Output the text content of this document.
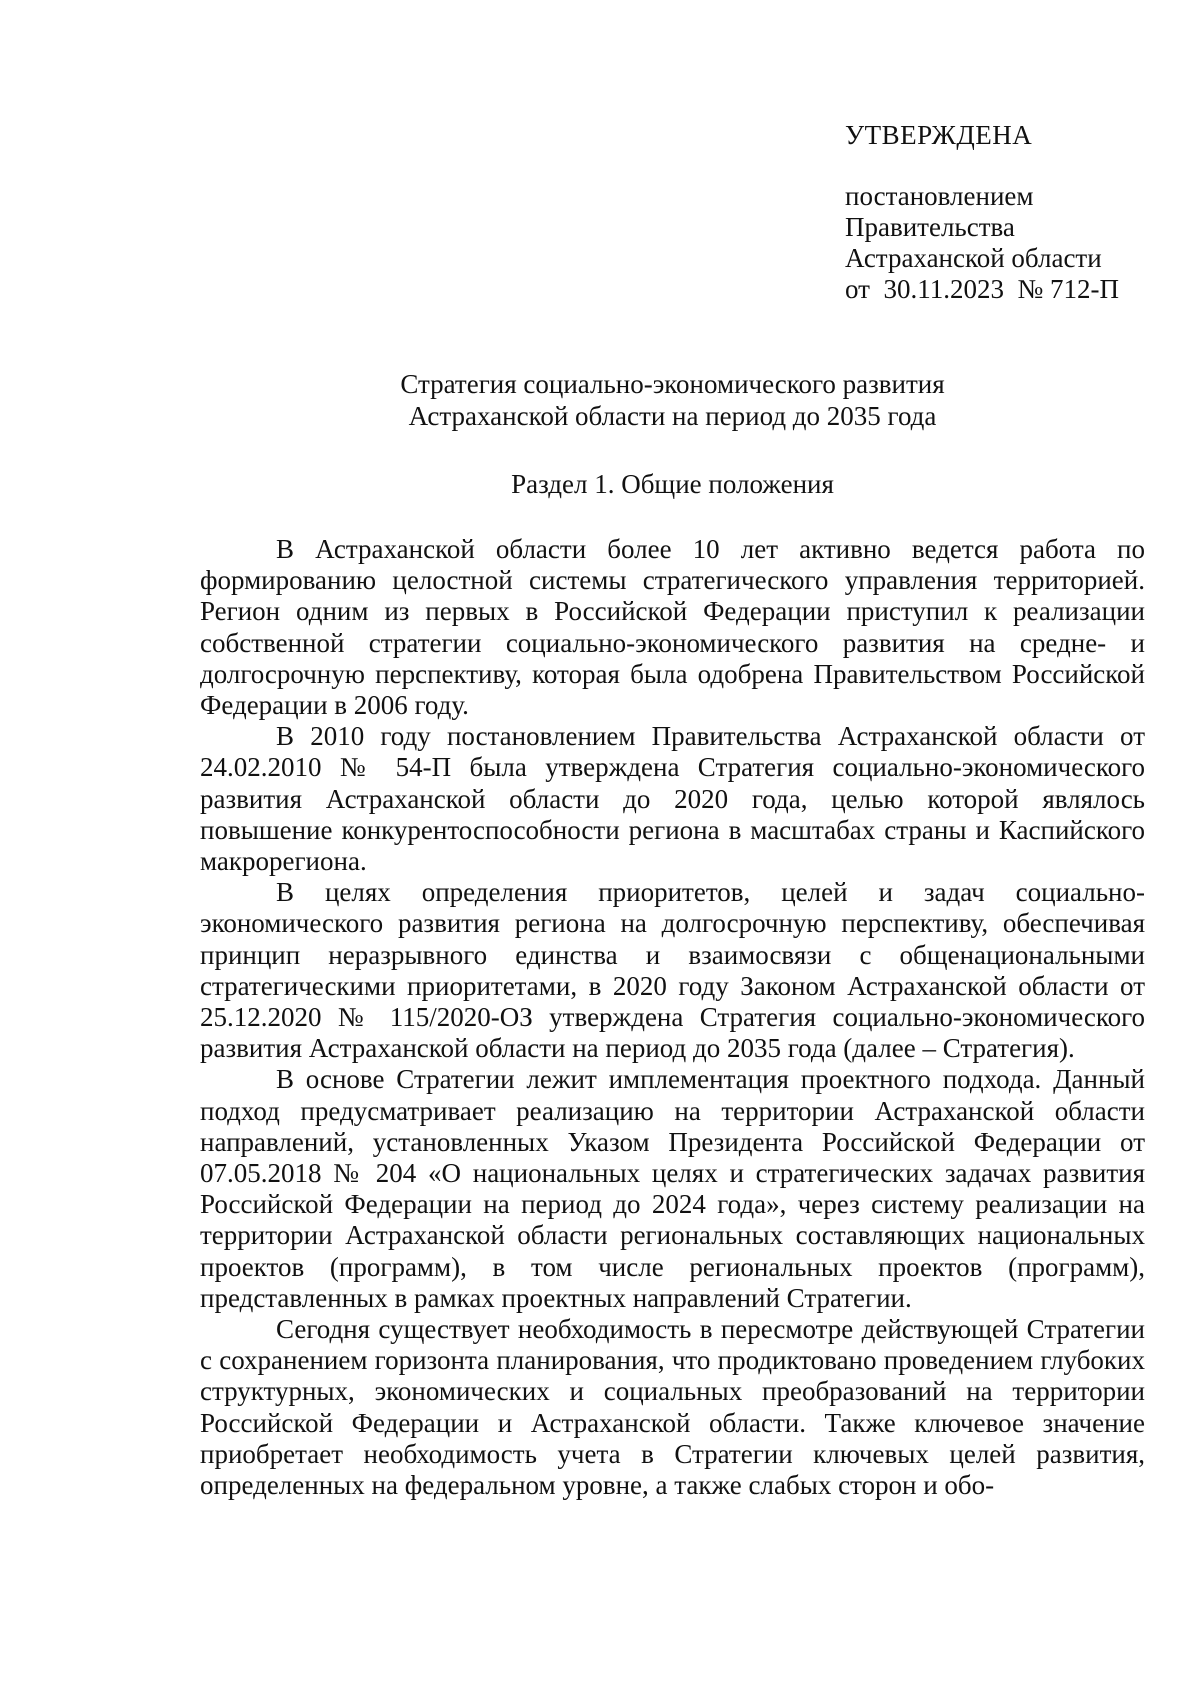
УТВЕРЖДЕНА
постановлением
Правительства
Астраханской области
от  30.11.2023  № 712-П
Стратегия социально-экономического развития
Астраханской области на период до 2035 года
Раздел 1. Общие положения

В Астраханской области более 10 лет активно ведется работа по формированию целостной системы стратегического управления территорией. Регион одним из первых в Российской Федерации приступил к реализации собственной стратегии социально-экономического развития на средне- и долгосрочную перспективу, которая была одобрена Правительством Российской Федерации в 2006 году.

В 2010 году постановлением Правительства Астраханской области от 24.02.2010 № 54-П была утверждена Стратегия социально-экономического развития Астраханской области до 2020 года, целью которой являлось повышение конкурентоспособности региона в масштабах страны и Каспийского макрорегиона.

В целях определения приоритетов, целей и задач социально-экономического развития региона на долгосрочную перспективу, обеспечивая принцип неразрывного единства и взаимосвязи с общенациональными стратегическими приоритетами, в 2020 году Законом Астраханской области от 25.12.2020 № 115/2020-ОЗ утверждена Стратегия социально-экономического развития Астраханской области на период до 2035 года (далее – Стратегия).

В основе Стратегии лежит имплементация проектного подхода. Данный подход предусматривает реализацию на территории Астраханской области направлений, установленных Указом Президента Российской Федерации от 07.05.2018 № 204 «О национальных целях и стратегических задачах развития Российской Федерации на период до 2024 года», через систему реализации на территории Астраханской области региональных составляющих национальных проектов (программ), в том числе региональных проектов (программ), представленных в рамках проектных направлений Стратегии.

Сегодня существует необходимость в пересмотре действующей Стратегии с сохранением горизонта планирования, что продиктовано проведением глубоких структурных, экономических и социальных преобразований на территории Российской Федерации и Астраханской области. Также ключевое значение приобретает необходимость учета в Стратегии ключевых целей развития, определенных на федеральном уровне, а также слабых сторон и обо-
